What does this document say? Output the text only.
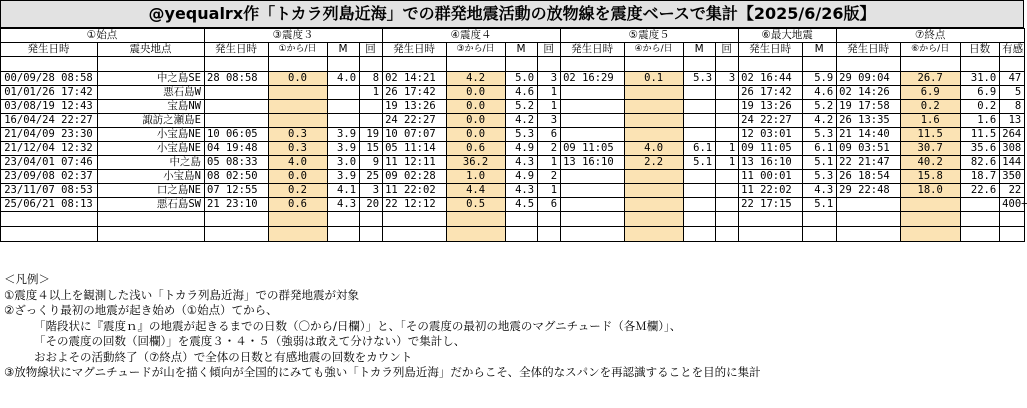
@yequalrx作「トカラ列島近海」での群発地震活動の放物線を震度ベースで集計【2025/6/26版】
①始点		③震度３				④震度４				⑤震度５				⑥最大地震		⑦終点			
発生日時	震央地点	発生日時	①から/日	M	回	発生日時	③から/日	M	回	発生日時	④から/日	M	回	発生日時	M	発生日時	⑥から/日	日数	有感

00/09/28 08:58	中之島SE	28 08:58	0.0	4.0	8	02 14:21	4.2	5.0	3	02 16:29	0.1	5.3	3	02 16:44	5.9	29 09:04	26.7	31.0	47
01/01/26 17:42	悪石島W				1	26 17:42	0.0	4.6	1					26 17:42	4.6	02 14:26	6.9	6.9	5
03/08/19 12:43	宝島NW					19 13:26	0.0	5.2	1					19 13:26	5.2	19 17:58	0.2	0.2	8
16/04/24 22:27	諏訪之瀬島E					24 22:27	0.0	4.2	3					24 22:27	4.2	26 13:35	1.6	1.6	13
21/04/09 23:30	小宝島NE	10 06:05	0.3	3.9	19	10 07:07	0.0	5.3	6					12 03:01	5.3	21 14:40	11.5	11.5	264
21/12/04 12:32	小宝島NE	04 19:48	0.3	3.9	15	05 11:14	0.6	4.9	2	09 11:05	4.0	6.1	1	09 11:05	6.1	09 03:51	30.7	35.6	308
23/04/01 07:46	中之島	05 08:33	4.0	3.0	9	11 12:11	36.2	4.3	1	13 16:10	2.2	5.1	1	13 16:10	5.1	22 21:47	40.2	82.6	144
23/09/08 02:37	小宝島N	08 02:50	0.0	3.9	25	09 02:28	1.0	4.9	2					11 00:01	5.3	26 18:54	15.8	18.7	350
23/11/07 08:53	口之島NE	07 12:55	0.2	4.1	3	11 22:02	4.4	4.3	1					11 22:02	4.3	29 22:48	18.0	22.6	22
25/06/21 08:13	悪石島SW	21 23:10	0.6	4.3	20	22 12:12	0.5	4.5	6					22 17:15	5.1				400+

＜凡例＞
①震度４以上を観測した浅い「トカラ列島近海」での群発地震が対象
②ざっくり最初の地震が起き始め（①始点）てから、
「階段状に『震度ｎ』の地震が起きるまでの日数（〇から/日欄）」と、「その震度の最初の地震のマグニチュード（各Ｍ欄）」、
「その震度の回数（回欄）」を震度３・４・５（強弱は敢えて分けない）で集計し、
おおよその活動終了（⑦終点）で全体の日数と有感地震の回数をカウント
③放物線状にマグニチュードが山を描く傾向が全国的にみても強い「トカラ列島近海」だからこそ、全体的なスパンを再認識することを目的に集計
